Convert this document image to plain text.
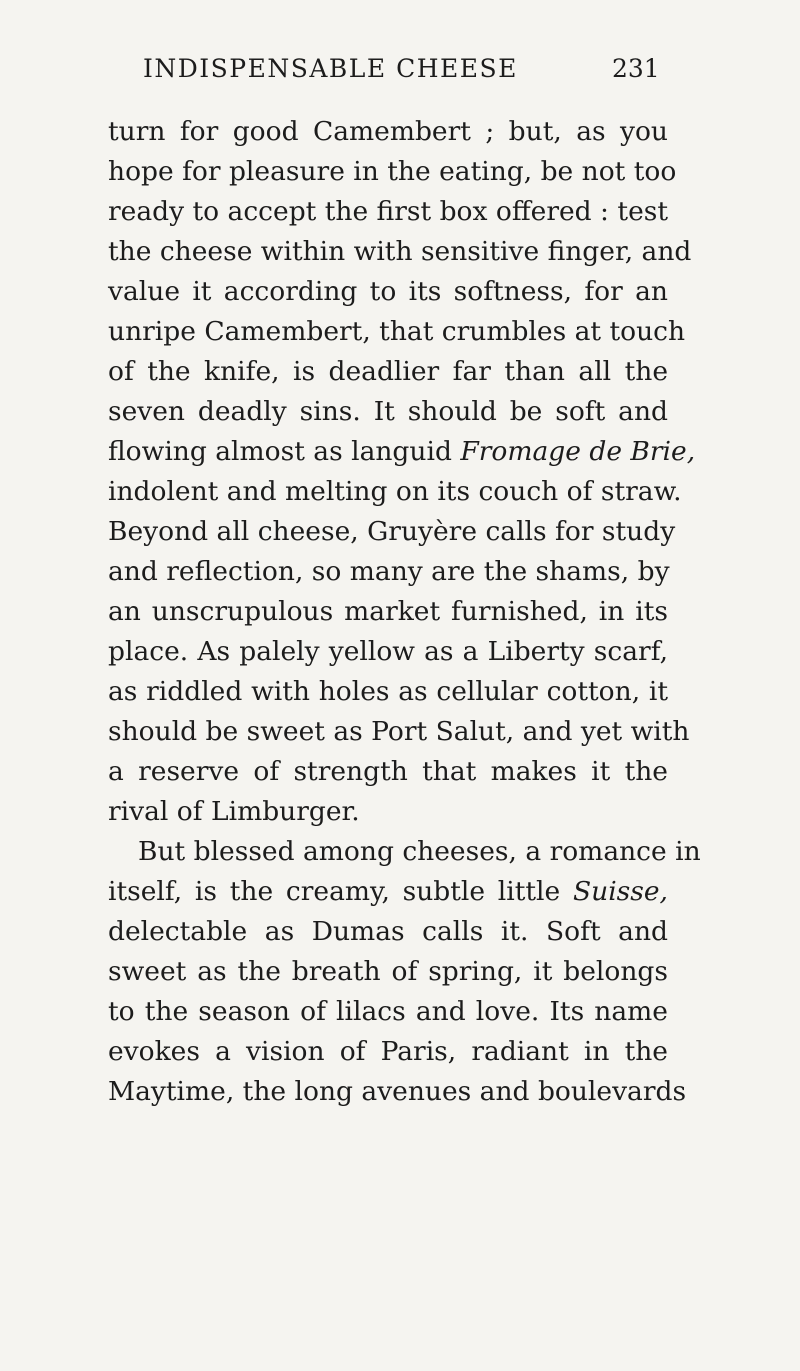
INDISPENSABLE CHEESE	231
turn for good Camembert ; but, as you
hope for pleasure in the eating, be not too
ready to accept the first box offered : test
the cheese within with sensitive finger, and
value it according to its softness, for an
unripe Camembert, that crumbles at touch
of the knife, is deadlier far than all the
seven deadly sins. It should be soft and
flowing almost as languid Fromage de Brie,
indolent and melting on its couch of straw.
Beyond all cheese, Gruyère calls for study
and reflection, so many are the shams, by
an unscrupulous market furnished, in its
place. As palely yellow as a Liberty scarf,
as riddled with holes as cellular cotton, it
should be sweet as Port Salut, and yet with
a reserve of strength that makes it the
rival of Limburger.
But blessed among cheeses, a romance in
itself, is the creamy, subtle little Suisse,
delectable as Dumas calls it. Soft and
sweet as the breath of spring, it belongs
to the season of lilacs and love. Its name
evokes a vision of Paris, radiant in the
Maytime, the long avenues and boulevards
